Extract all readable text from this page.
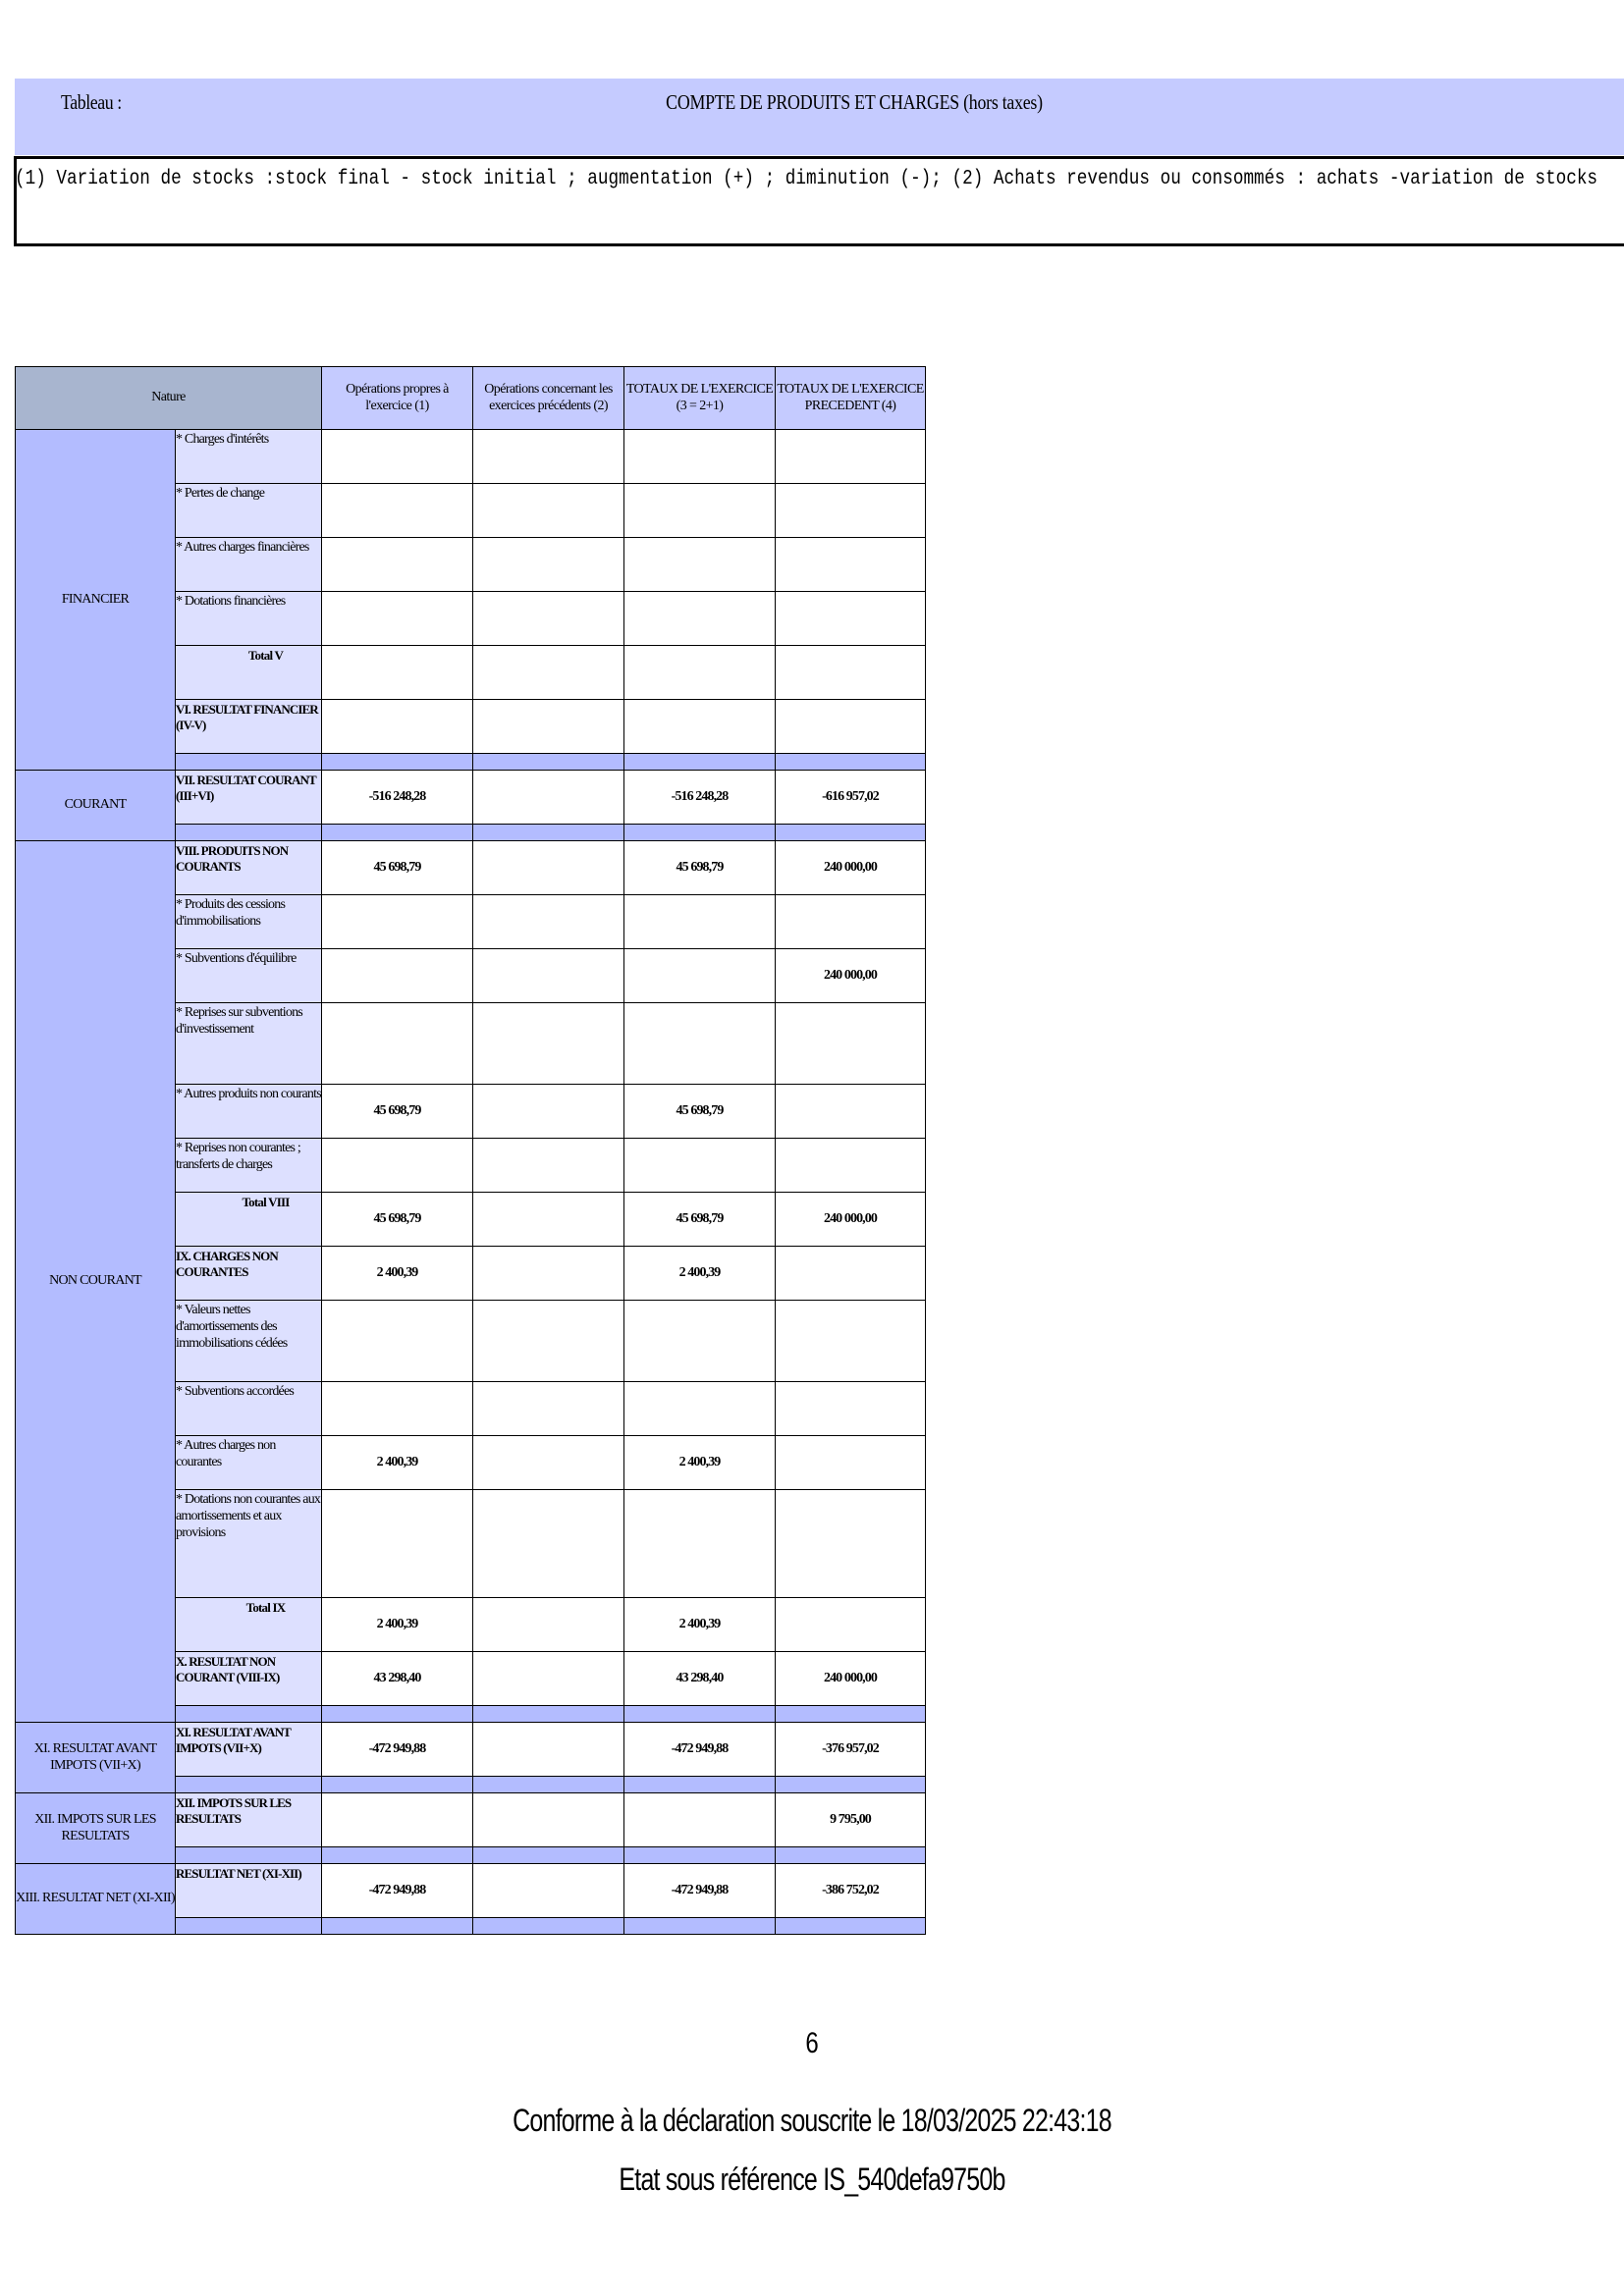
Tableau :	COMPTE DE PRODUITS ET CHARGES (hors taxes)
(1) Variation de stocks :stock final - stock initial ; augmentation (+) ; diminution (-); (2) Achats revendus ou consommés : achats -variation de stocks
Nature		Opérations propres à l'exercice (1)	Opérations concernant les exercices précédents (2)	TOTAUX DE L'EXERCICE (3 = 2+1)	TOTAUX DE L'EXERCICE PRECEDENT (4)
FINANCIER	* Charges d'intérêts				
	* Pertes de change				
	* Autres charges financières				
	* Dotations financières				
	Total V				
	VI. RESULTAT FINANCIER (IV-V)				

COURANT	VII. RESULTAT COURANT (III+VI)	-516 248,28		-516 248,28	-616 957,02

NON COURANT	VIII. PRODUITS NON COURANTS	45 698,79		45 698,79	240 000,00
	* Produits des cessions d'immobilisations				
	* Subventions d'équilibre				240 000,00
	* Reprises sur subventions d'investissement				
	* Autres produits non courants	45 698,79		45 698,79	
	* Reprises non courantes ; transferts de charges				
	Total VIII	45 698,79		45 698,79	240 000,00
	IX. CHARGES NON COURANTES	2 400,39		2 400,39	
	* Valeurs nettes d'amortissements des immobilisations cédées				
	* Subventions accordées				
	* Autres charges non courantes	2 400,39		2 400,39	
	* Dotations non courantes aux amortissements et aux provisions				
	Total IX	2 400,39		2 400,39	
	X. RESULTAT NON COURANT (VIII-IX)	43 298,40		43 298,40	240 000,00

XI. RESULTAT AVANT IMPOTS (VII+X)	XI. RESULTAT AVANT IMPOTS (VII+X)	-472 949,88		-472 949,88	-376 957,02

XII. IMPOTS SUR LES RESULTATS	XII. IMPOTS SUR LES RESULTATS				9 795,00

XIII. RESULTAT NET (XI-XII)	RESULTAT NET (XI-XII)	-472 949,88		-472 949,88	-386 752,02

6
Conforme à la déclaration souscrite le 18/03/2025 22:43:18
Etat sous référence IS_540defa9750b
